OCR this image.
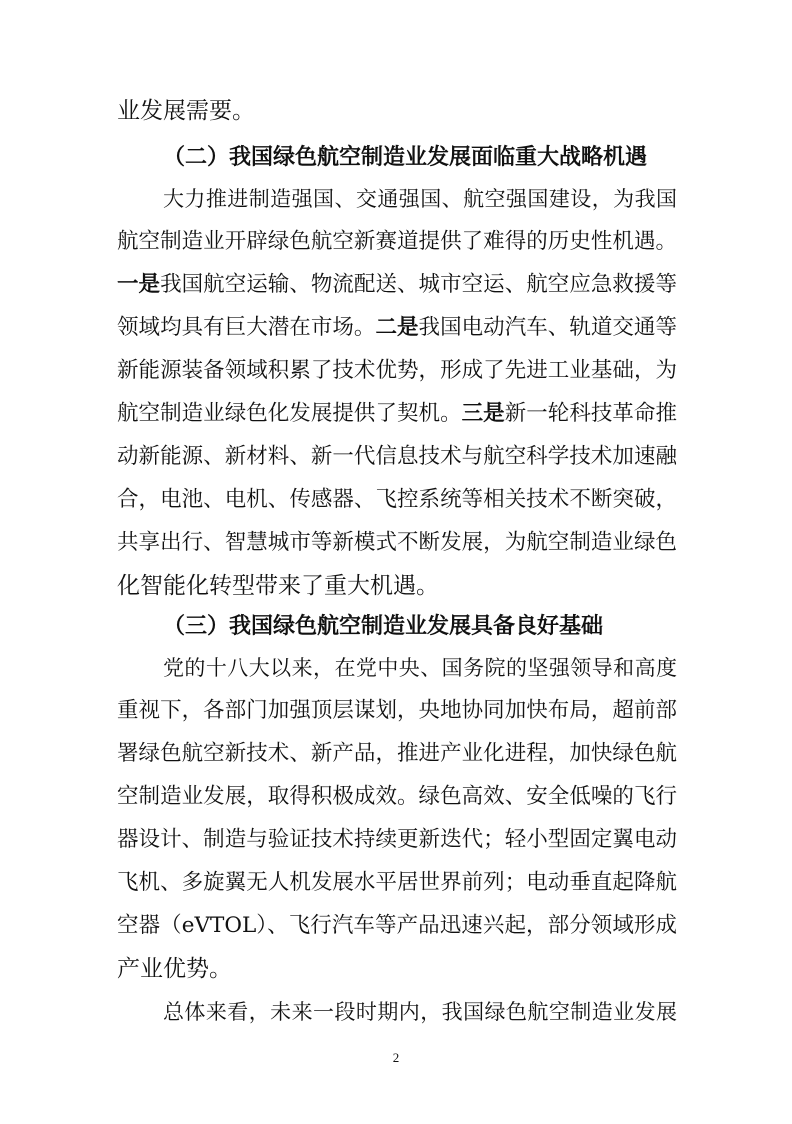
业发展需要。
（二）我国绿色航空制造业发展面临重大战略机遇
大力推进制造强国、交通强国、航空强国建设，为我国
航空制造业开辟绿色航空新赛道提供了难得的历史性机遇。
一是我国航空运输、物流配送、城市空运、航空应急救援等
领域均具有巨大潜在市场。二是我国电动汽车、轨道交通等
新能源装备领域积累了技术优势，形成了先进工业基础，为
航空制造业绿色化发展提供了契机。三是新一轮科技革命推
动新能源、新材料、新一代信息技术与航空科学技术加速融
合，电池、电机、传感器、飞控系统等相关技术不断突破，
共享出行、智慧城市等新模式不断发展，为航空制造业绿色
化智能化转型带来了重大机遇。
（三）我国绿色航空制造业发展具备良好基础
党的十八大以来，在党中央、国务院的坚强领导和高度
重视下，各部门加强顶层谋划，央地协同加快布局，超前部
署绿色航空新技术、新产品，推进产业化进程，加快绿色航
空制造业发展，取得积极成效。绿色高效、安全低噪的飞行
器设计、制造与验证技术持续更新迭代；轻小型固定翼电动
飞机、多旋翼无人机发展水平居世界前列；电动垂直起降航
空器（eVTOL）、飞行汽车等产品迅速兴起，部分领域形成
产业优势。
总体来看，未来一段时期内，我国绿色航空制造业发展
2
